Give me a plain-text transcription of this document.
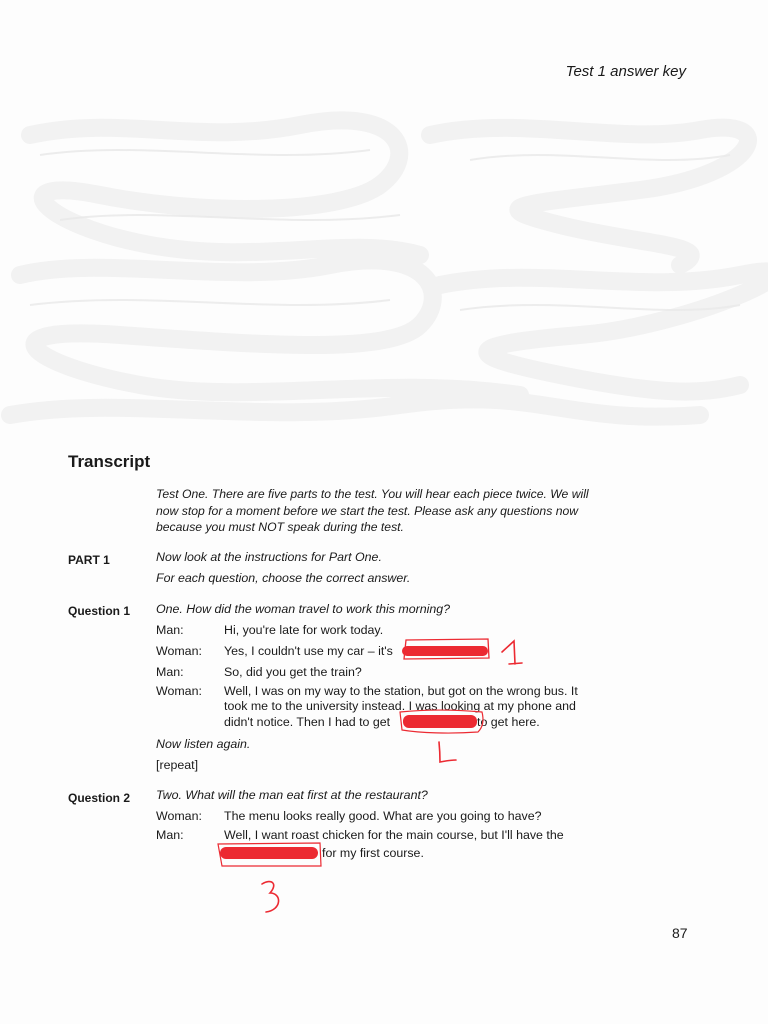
Test 1 answer key
Transcript
Test One. There are five parts to the test. You will hear each piece twice. We will
now stop for a moment before we start the test. Please ask any questions now
because you must NOT speak during the test.
PART 1	Now look at the instructions for Part One.
For each question, choose the correct answer.
Question 1 One. How did the woman travel to work this morning?
Man:	Hi, you're late for work today.
Woman: Yes, I couldn't use my car – it's
Man:	So, did you get the train?
Woman: Well, I was on my way to the station, but got on the wrong bus. It
took me to the university instead. I was looking at my phone and
didn't notice. Then I had to get	to get here.
Now listen again.
[repeat]
Question 2 Two. What will the man eat first at the restaurant?
Woman: The menu looks really good. What are you going to have?
Man:	Well, I want roast chicken for the main course, but I'll have the
for my first course.
87
